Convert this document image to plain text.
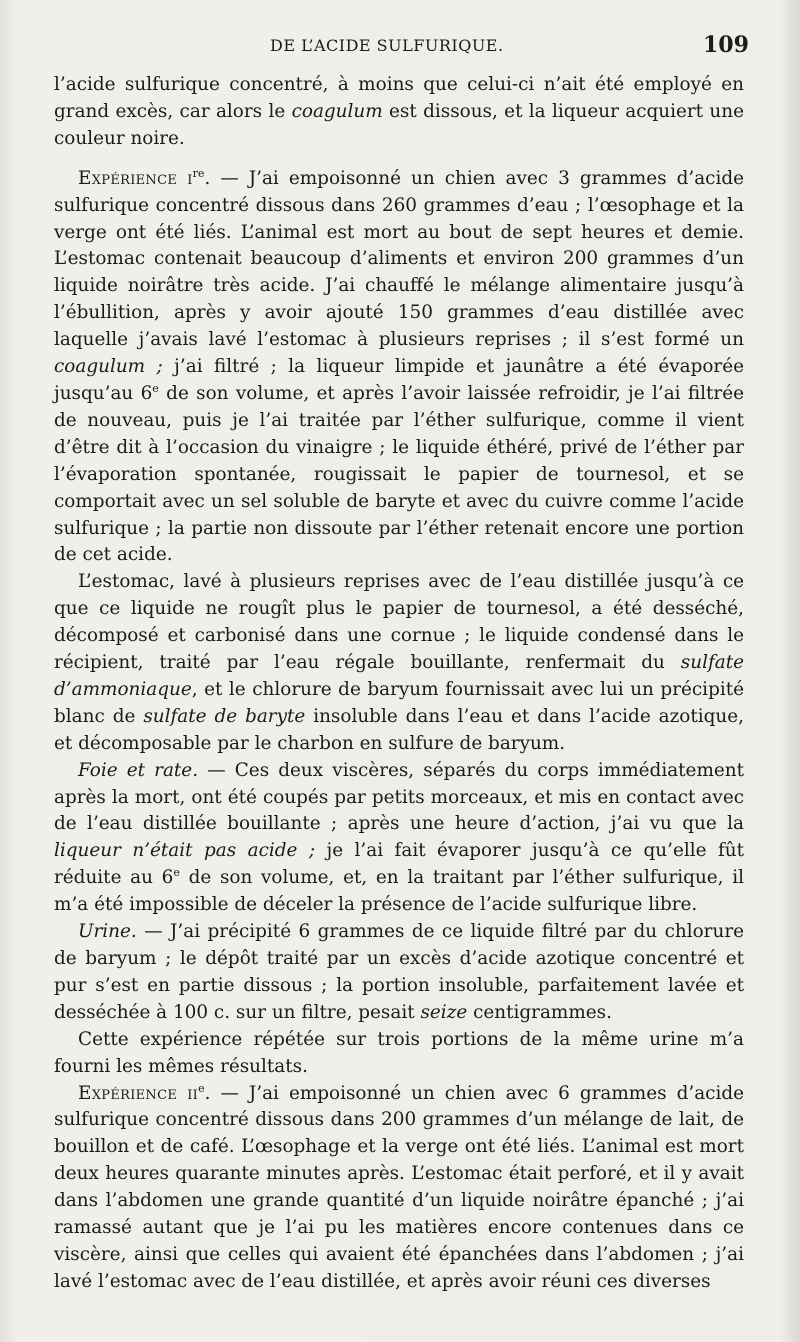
DE L’ACIDE SULFURIQUE.	109

l’acide sulfurique concentré, à moins que celui-ci n’ait été employé en grand excès, car alors le coagulum est dissous, et la liqueur acquiert une couleur noire.

Expérience $i^{re}$. — J’ai empoisonné un chien avec 3 grammes d’acide sulfurique concentré dissous dans 260 grammes d’eau ; l’œsophage et la verge ont été liés. L’animal est mort au bout de sept heures et demie. L’estomac contenait beaucoup d’aliments et environ 200 grammes d’un liquide noirâtre très acide. J’ai chauffé le mélange alimentaire jusqu’à l’ébullition, après y avoir ajouté 150 grammes d’eau distillée avec laquelle j’avais lavé l’estomac à plusieurs reprises ; il s’est formé un coagulum ; j’ai filtré ; la liqueur limpide et jaunâtre a été évaporée jusqu’au 6e de son volume, et après l’avoir laissée refroidir, je l’ai filtrée de nouveau, puis je l’ai traitée par l’éther sulfurique, comme il vient d’être dit à l’occasion du vinaigre ; le liquide éthéré, privé de l’éther par l’évaporation spontanée, rougissait le papier de tournesol, et se comportait avec un sel soluble de baryte et avec du cuivre comme l’acide sulfurique ; la partie non dissoute par l’éther retenait encore une portion de cet acide.

L’estomac, lavé à plusieurs reprises avec de l’eau distillée jusqu’à ce que ce liquide ne rougît plus le papier de tournesol, a été desséché, décomposé et carbonisé dans une cornue ; le liquide condensé dans le récipient, traité par l’eau régale bouillante, renfermait du sulfate d’ammoniaque, et le chlorure de baryum fournissait avec lui un précipité blanc de sulfate de baryte insoluble dans l’eau et dans l’acide azotique, et décomposable par le charbon en sulfure de baryum.

Foie et rate. — Ces deux viscères, séparés du corps immédiatement après la mort, ont été coupés par petits morceaux, et mis en contact avec de l’eau distillée bouillante ; après une heure d’action, j’ai vu que la liqueur n’était pas acide ; je l’ai fait évaporer jusqu’à ce qu’elle fût réduite au 6e de son volume, et, en la traitant par l’éther sulfurique, il m’a été impossible de déceler la présence de l’acide sulfurique libre.

Urine. — J’ai précipité 6 grammes de ce liquide filtré par du chlorure de baryum ; le dépôt traité par un excès d’acide azotique concentré et pur s’est en partie dissous ; la portion insoluble, parfaitement lavée et desséchée à 100 c. sur un filtre, pesait seize centigrammes.

Cette expérience répétée sur trois portions de la même urine m’a fourni les mêmes résultats.

Expérience $ii^e$. — J’ai empoisonné un chien avec 6 grammes d’acide sulfurique concentré dissous dans 200 grammes d’un mélange de lait, de bouillon et de café. L’œsophage et la verge ont été liés. L’animal est mort deux heures quarante minutes après. L’estomac était perforé, et il y avait dans l’abdomen une grande quantité d’un liquide noirâtre épanché ; j’ai ramassé autant que je l’ai pu les matières encore contenues dans ce viscère, ainsi que celles qui avaient été épanchées dans l’abdomen ; j’ai lavé l’estomac avec de l’eau distillée, et après avoir réuni ces diverses
